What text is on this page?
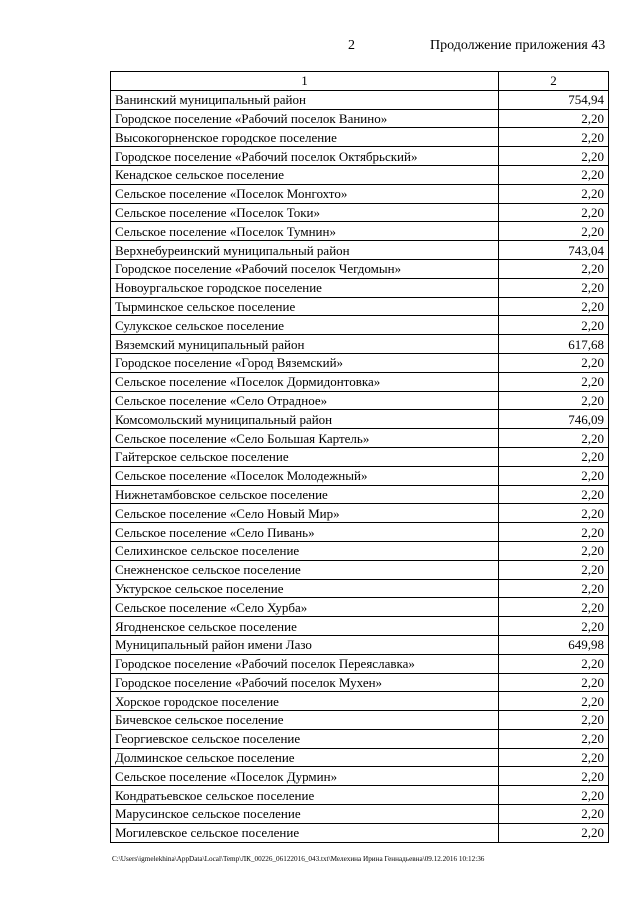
2	Продолжение приложения 43
1	2
Ванинский муниципальный район	754,94
Городское поселение «Рабочий поселок Ванино»	2,20
Высокогорненское городское поселение	2,20
Городское поселение «Рабочий поселок Октябрьский»	2,20
Кенадское сельское поселение	2,20
Сельское поселение «Поселок Монгохто»	2,20
Сельское поселение «Поселок Токи»	2,20
Сельское поселение «Поселок Тумнин»	2,20
Верхнебуреинский муниципальный район	743,04
Городское поселение «Рабочий поселок Чегдомын»	2,20
Новоургальское городское поселение	2,20
Тырминское сельское поселение	2,20
Сулукское сельское поселение	2,20
Вяземский муниципальный район	617,68
Городское поселение «Город Вяземский»	2,20
Сельское поселение «Поселок Дормидонтовка»	2,20
Сельское поселение «Село Отрадное»	2,20
Комсомольский муниципальный район	746,09
Сельское поселение «Село Большая Картель»	2,20
Гайтерское сельское поселение	2,20
Сельское поселение «Поселок Молодежный»	2,20
Нижнетамбовское сельское поселение	2,20
Сельское поселение «Село Новый Мир»	2,20
Сельское поселение «Село Пивань»	2,20
Селихинское сельское поселение	2,20
Снежненское сельское поселение	2,20
Уктурское сельское поселение	2,20
Сельское поселение «Село Хурба»	2,20
Ягодненское сельское поселение	2,20
Муниципальный район имени Лазо	649,98
Городское поселение «Рабочий поселок Переяславка»	2,20
Городское поселение «Рабочий поселок Мухен»	2,20
Хорское городское поселение	2,20
Бичевское сельское поселение	2,20
Георгиевское сельское поселение	2,20
Долминское сельское поселение	2,20
Сельское поселение «Поселок Дурмин»	2,20
Кондратьевское сельское поселение	2,20
Марусинское сельское поселение	2,20
Могилевское сельское поселение	2,20
C:\Users\igmelekhina\AppData\Local\Temp\ЛК_00226_06122016_043.txt\Мелехина Ирина Геннадьевна\09.12.2016 10:12:36
